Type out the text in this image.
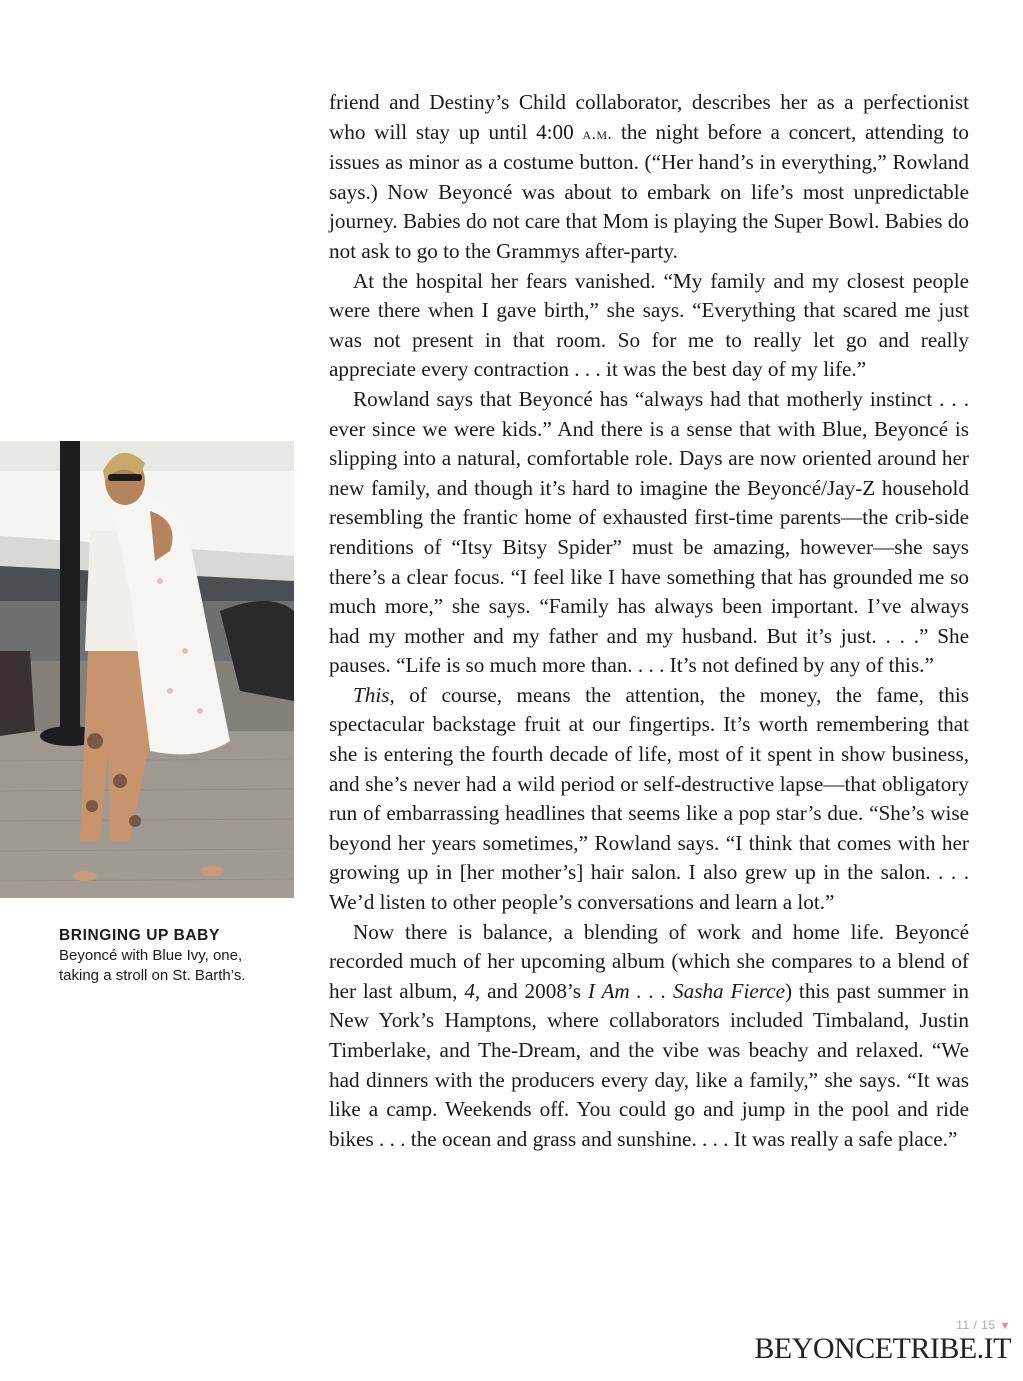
BRINGING UP BABY
Beyoncé with Blue Ivy, one,
taking a stroll on St. Barth’s.

friend and Destiny’s Child collaborator, describes her as a perfectionist who will stay up until 4:00 a.m. the night before a concert, attending to issues as minor as a costume button. (“Her hand’s in everything,” Rowland says.) Now Beyoncé was about to embark on life’s most unpredictable journey. Babies do not care that Mom is playing the Super Bowl. Babies do not ask to go to the Grammys after-party.

At the hospital her fears vanished. “My family and my closest people were there when I gave birth,” she says. “Everything that scared me just was not present in that room. So for me to really let go and really appreciate every contraction . . . it was the best day of my life.”

Rowland says that Beyoncé has “always had that motherly instinct . . . ever since we were kids.” And there is a sense that with Blue, Beyoncé is slipping into a natural, comfortable role. Days are now oriented around her new family, and though it’s hard to imagine the Beyoncé/Jay-Z household resembling the frantic home of exhausted first-time parents—the crib-side renditions of “Itsy Bitsy Spider” must be amazing, however—she says there’s a clear focus. “I feel like I have something that has grounded me so much more,” she says. “Family has always been important. I’ve always had my mother and my father and my husband. But it’s just. . . .” She pauses. “Life is so much more than. . . . It’s not defined by any of this.”

This, of course, means the attention, the money, the fame, this spectacular backstage fruit at our fingertips. It’s worth remembering that she is entering the fourth decade of life, most of it spent in show business, and she’s never had a wild period or self-destructive lapse—that obligatory run of embarrassing headlines that seems like a pop star’s due. “She’s wise beyond her years sometimes,” Rowland says. “I think that comes with her growing up in [her mother’s] hair salon. I also grew up in the salon. . . . We’d listen to other people’s conversations and learn a lot.”

Now there is balance, a blending of work and home life. Beyoncé recorded much of her upcoming album (which she compares to a blend of her last album, 4, and 2008’s I Am . . . Sasha Fierce) this past summer in New York’s Hamptons, where collaborators included Timbaland, Justin Timberlake, and The-Dream, and the vibe was beachy and relaxed. “We had dinners with the producers every day, like a family,” she says. “It was like a camp. Weekends off. You could go and jump in the pool and ride bikes . . . the ocean and grass and sunshine. . . . It was really a safe place.”

11 / 15 ▼
BEYONCETRIBE.IT
